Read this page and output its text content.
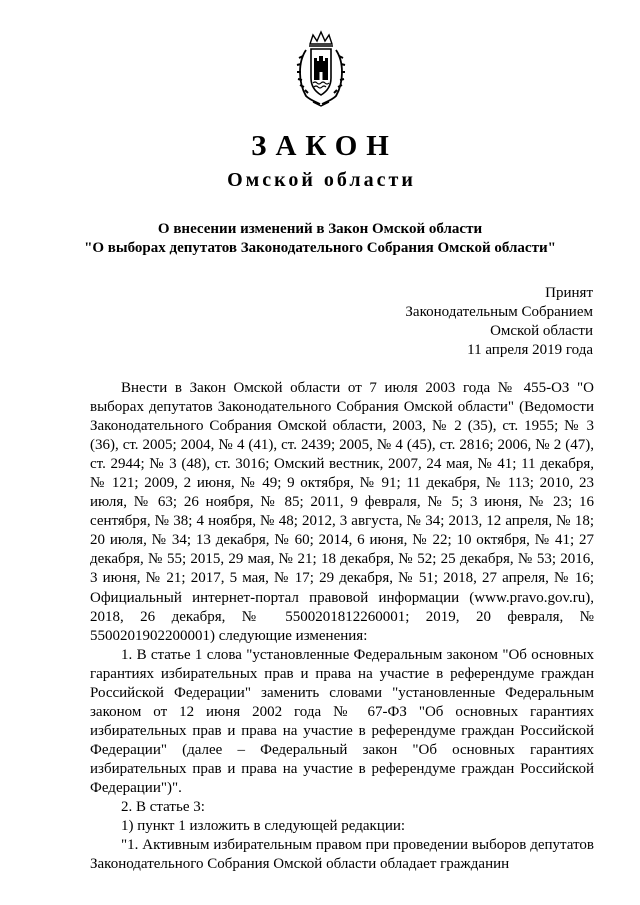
ЗАКОН
Омской области
О внесении изменений в Закон Омской области
"О выборах депутатов Законодательного Собрания Омской области"
Принят
Законодательным Собранием
Омской области
11 апреля 2019 года

Внести в Закон Омской области от 7 июля 2003 года № 455-ОЗ "О выборах депутатов Законодательного Собрания Омской области" (Ведомости Законодательного Собрания Омской области, 2003, № 2 (35), ст. 1955; № 3 (36), ст. 2005; 2004, № 4 (41), ст. 2439; 2005, № 4 (45), ст. 2816; 2006, № 2 (47), ст. 2944; № 3 (48), ст. 3016; Омский вестник, 2007, 24 мая, № 41; 11 декабря, № 121; 2009, 2 июня, № 49; 9 октября, № 91; 11 декабря, № 113; 2010, 23 июля, № 63; 26 ноября, № 85; 2011, 9 февраля, № 5; 3 июня, № 23; 16 сентября, № 38; 4 ноября, № 48; 2012, 3 августа, № 34; 2013, 12 апреля, № 18; 20 июля, № 34; 13 декабря, № 60; 2014, 6 июня, № 22; 10 октября, № 41; 27 декабря, № 55; 2015, 29 мая, № 21; 18 декабря, № 52; 25 декабря, № 53; 2016, 3 июня, № 21; 2017, 5 мая, № 17; 29 декабря, № 51; 2018, 27 апреля, № 16; Официальный интернет-портал правовой информации (www.pravo.gov.ru), 2018, 26 декабря, № 5500201812260001; 2019, 20 февраля, № 5500201902200001) следующие изменения:

1. В статье 1 слова "установленные Федеральным законом "Об основных гарантиях избирательных прав и права на участие в референдуме граждан Российской Федерации" заменить словами "установленные Федеральным законом от 12 июня 2002 года № 67-ФЗ "Об основных гарантиях избирательных прав и права на участие в референдуме граждан Российской Федерации" (далее – Федеральный закон "Об основных гарантиях избирательных прав и права на участие в референдуме граждан Российской Федерации")".

2. В статье 3:

1) пункт 1 изложить в следующей редакции:

"1. Активным избирательным правом при проведении выборов депутатов Законодательного Собрания Омской области обладает гражданин
